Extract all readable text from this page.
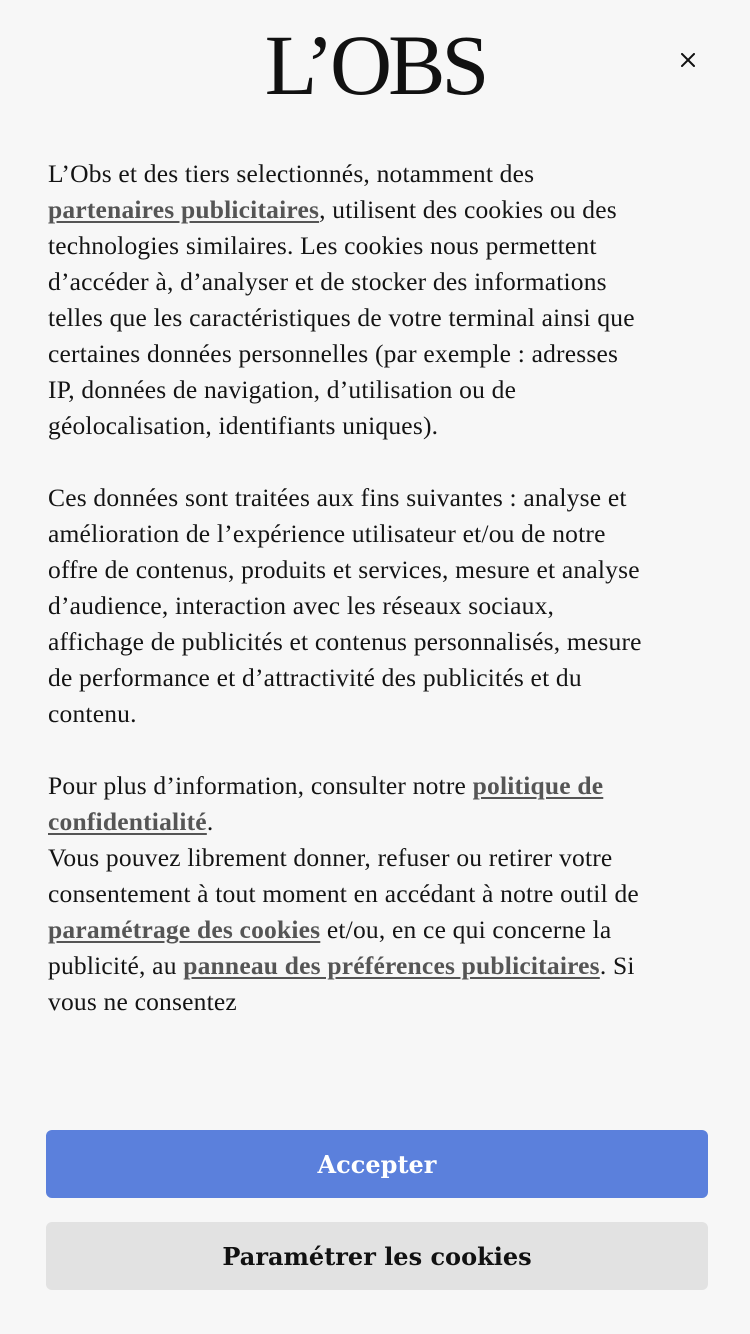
L’OBS

L’Obs et des tiers selectionnés, notamment des partenaires publicitaires, utilisent des cookies ou des technologies similaires. Les cookies nous permettent d’accéder à, d’analyser et de stocker des informations telles que les caractéristiques de votre terminal ainsi que certaines données personnelles (par exemple : adresses IP, données de navigation, d’utilisation ou de géolocalisation, identifiants uniques).

Ces données sont traitées aux fins suivantes : analyse et amélioration de l’expérience utilisateur et/ou de notre offre de contenus, produits et services, mesure et analyse d’audience, interaction avec les réseaux sociaux, affichage de publicités et contenus personnalisés, mesure de performance et d’attractivité des publicités et du contenu.

Pour plus d’information, consulter notre politique de confidentialité.

Vous pouvez librement donner, refuser ou retirer votre consentement à tout moment en accédant à notre outil de paramétrage des cookies et/ou, en ce qui concerne la publicité, au panneau des préférences publicitaires. Si vous ne consentez

Accepter
Paramétrer les cookies
